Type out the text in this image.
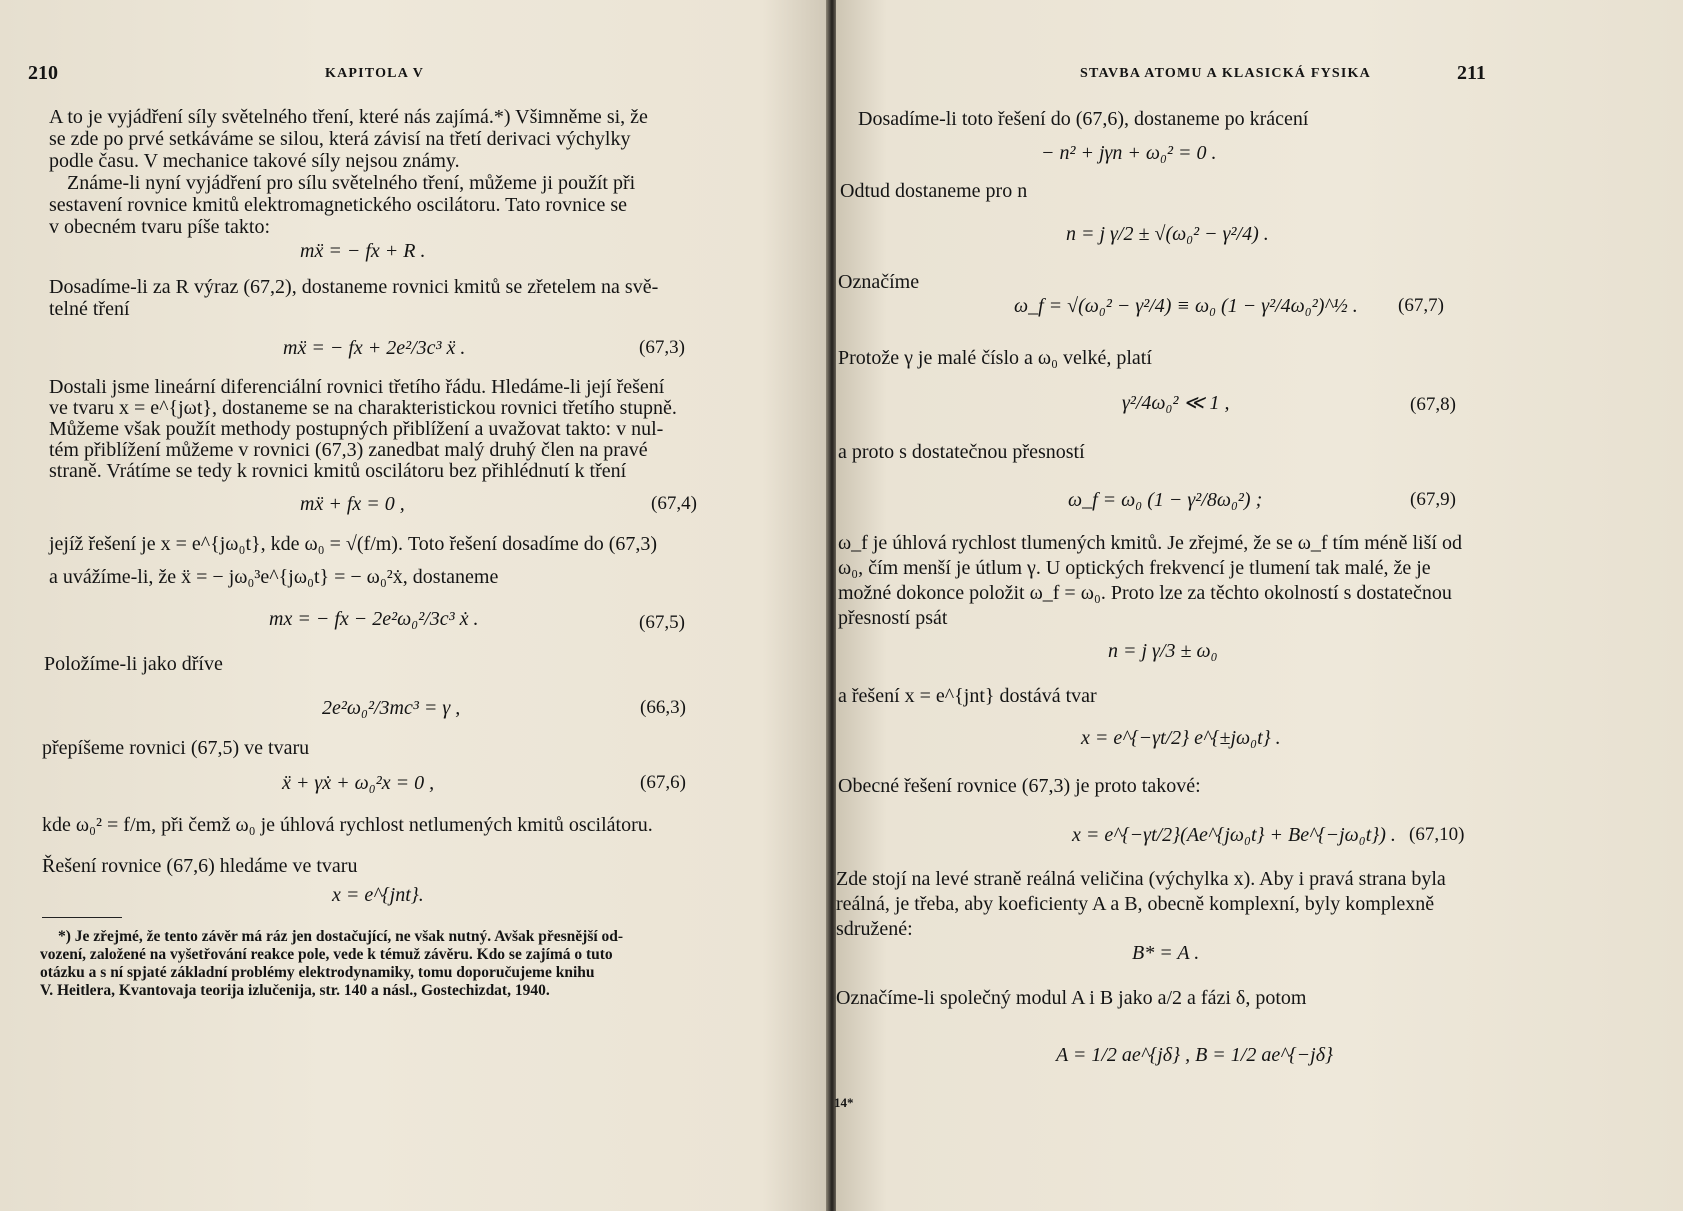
210	KAPITOLA V
A to je vyjádření síly světelného tření, které nás zajímá.*) Všimněme si, že
se zde po prvé setkáváme se silou, která závisí na třetí derivaci výchylky
podle času. V mechanice takové síly nejsou známy.
Známe-li nyní vyjádření pro sílu světelného tření, můžeme ji použít při
sestavení rovnice kmitů elektromagnetického oscilátoru. Tato rovnice se
v obecném tvaru píše takto:
mẍ = − fx + R .
Dosadíme-li za R výraz (67,2), dostaneme rovnici kmitů se zřetelem na svě-
telné tření
mẍ = − fx + 2e²/3c³ ẍ .	(67,3)
Dostali jsme lineární diferenciální rovnici třetího řádu. Hledáme-li její řešení
ve tvaru x = e^{jωt}, dostaneme se na charakteristickou rovnici třetího stupně.
Můžeme však použít methody postupných přiblížení a uvažovat takto: v nul-
tém přiblížení můžeme v rovnici (67,3) zanedbat malý druhý člen na pravé
straně. Vrátíme se tedy k rovnici kmitů oscilátoru bez přihlédnutí k tření
mẍ + fx = 0 ,	(67,4)
jejíž řešení je x = e^{jω₀t}, kde ω₀ = √(f/m). Toto řešení dosadíme do (67,3)
a uvážíme-li, že ẍ = − jω₀³e^{jω₀t} = − ω₀²ẋ, dostaneme
mx = − fx − 2e²ω₀²/3c³ ẋ .	(67,5)
Položíme-li jako dříve
2e²ω₀²/3mc³ = γ ,	(66,3)
přepíšeme rovnici (67,5) ve tvaru
ẍ + γẋ + ω₀²x = 0 ,	(67,6)
kde ω₀² = f/m, při čemž ω₀ je úhlová rychlost netlumených kmitů oscilátoru.
Řešení rovnice (67,6) hledáme ve tvaru
x = e^{jnt}.
*) Je zřejmé, že tento závěr má ráz jen dostačující, ne však nutný. Avšak přesnější od-
vození, založené na vyšetřování reakce pole, vede k témuž závěru. Kdo se zajímá o tuto
otázku a s ní spjaté základní problémy elektrodynamiky, tomu doporučujeme knihu
V. Heitlera, Kvantovaja teorija izlučenija, str. 140 a násl., Gostechizdat, 1940.
STAVBA ATOMU A KLASICKÁ FYSIKA	211
Dosadíme-li toto řešení do (67,6), dostaneme po krácení
− n² + jγn + ω₀² = 0 .
Odtud dostaneme pro n
n = j γ/2 ± √(ω₀² − γ²/4) .
Označíme
ω_f = √(ω₀² − γ²/4) ≡ ω₀ (1 − γ²/4ω₀²)^½ . (67,7)
Protože γ je malé číslo a ω₀ velké, platí
γ²/4ω₀² ≪ 1 ,	(67,8)
a proto s dostatečnou přesností
ω_f = ω₀ (1 − γ²/8ω₀²) ;	(67,9)
ω_f je úhlová rychlost tlumených kmitů. Je zřejmé, že se ω_f tím méně liší od
ω₀, čím menší je útlum γ. U optických frekvencí je tlumení tak malé, že je
možné dokonce položit ω_f = ω₀. Proto lze za těchto okolností s dostatečnou
přesností psát
n = j γ/3 ± ω₀
a řešení x = e^{jnt} dostává tvar
x = e^{−γt/2} e^{±jω₀t} .
Obecné řešení rovnice (67,3) je proto takové:
x = e^{−γt/2}(Ae^{jω₀t} + Be^{−jω₀t}) . (67,10)
Zde stojí na levé straně reálná veličina (výchylka x). Aby i pravá strana byla
reálná, je třeba, aby koeficienty A a B, obecně komplexní, byly komplexně
sdružené:
B* = A .
Označíme-li společný modul A i B jako a/2 a fázi δ, potom
A = 1/2 ae^{jδ} , B = 1/2 ae^{−jδ}
14*
